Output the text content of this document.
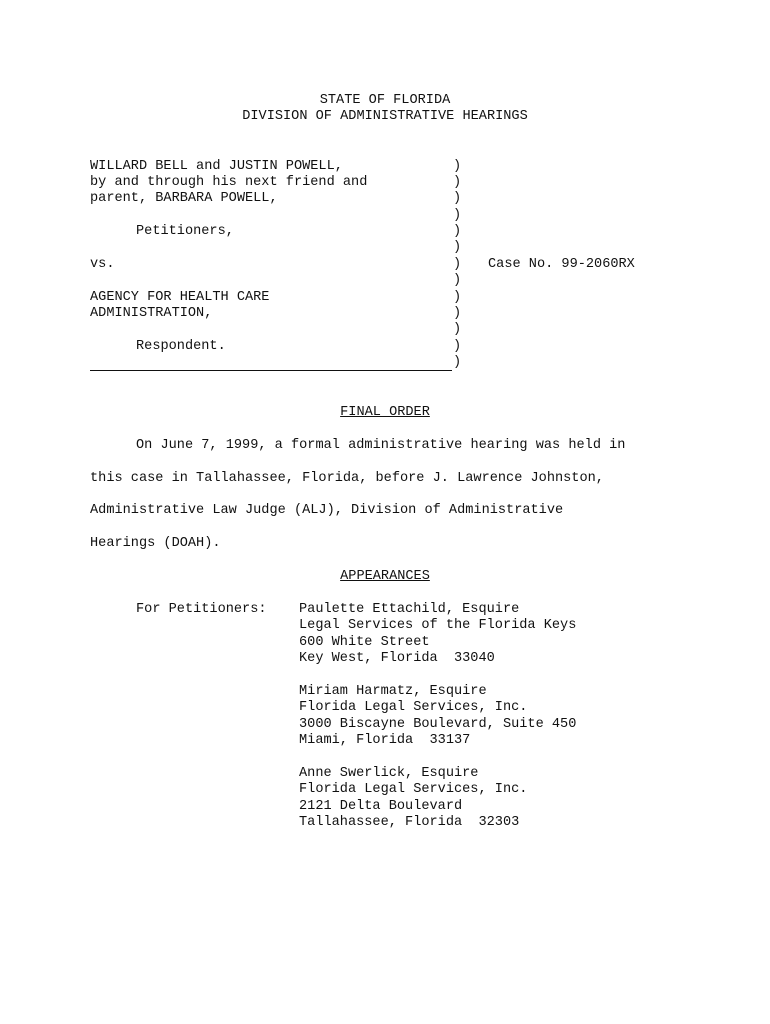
STATE OF FLORIDA
DIVISION OF ADMINISTRATIVE HEARINGS
WILLARD BELL and JUSTIN POWELL,
by and through his next friend and
parent, BARBARA POWELL,
Petitioners,
vs.
AGENCY FOR HEALTH CARE
ADMINISTRATION,
Respondent.
)
)
)
)
)
)
)
)
)
)
)
)
)
Case No. 99-2060RX
FINAL ORDER
On June 7, 1999, a formal administrative hearing was held in
this case in Tallahassee, Florida, before J. Lawrence Johnston,
Administrative Law Judge (ALJ), Division of Administrative
Hearings (DOAH).
APPEARANCES
For Petitioners: Paulette Ettachild, Esquire
Legal Services of the Florida Keys
600 White Street
Key West, Florida  33040
Miriam Harmatz, Esquire
Florida Legal Services, Inc.
3000 Biscayne Boulevard, Suite 450
Miami, Florida  33137
Anne Swerlick, Esquire
Florida Legal Services, Inc.
2121 Delta Boulevard
Tallahassee, Florida  32303
